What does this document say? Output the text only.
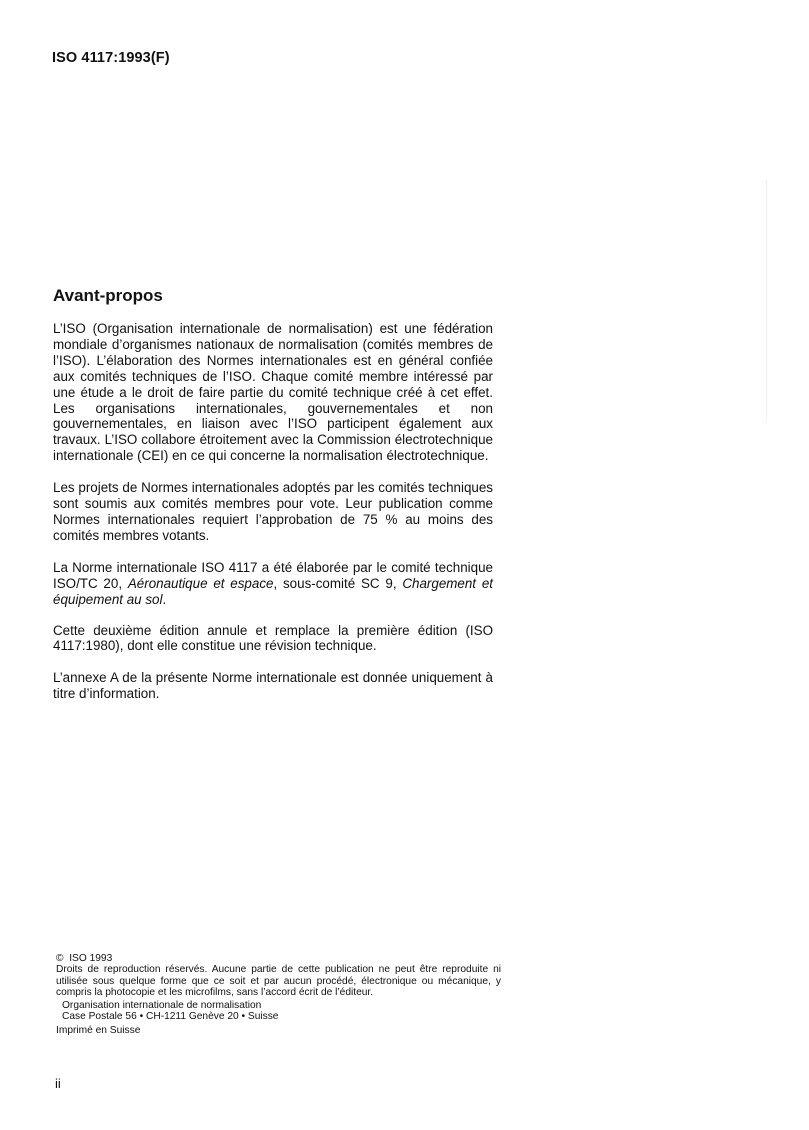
ISO 4117:1993(F)
Avant-propos

L’ISO (Organisation internationale de normalisation) est une fédération mondiale d’organismes nationaux de normalisation (comités membres de l’ISO). L’élaboration des Normes internationales est en général confiée aux comités techniques de l’ISO. Chaque comité membre intéressé par une étude a le droit de faire partie du comité technique créé à cet effet. Les organisations internationales, gouvernementales et non gouvernementales, en liaison avec l’ISO participent également aux travaux. L’ISO collabore étroitement avec la Commission électrotechnique internationale (CEI) en ce qui concerne la normalisation électrotechnique.

Les projets de Normes internationales adoptés par les comités techniques sont soumis aux comités membres pour vote. Leur publication comme Normes internationales requiert l’approbation de 75 % au moins des comités membres votants.

La Norme internationale ISO 4117 a été élaborée par le comité technique ISO/TC 20, Aéronautique et espace, sous-comité SC 9, Chargement et équipement au sol.

Cette deuxième édition annule et remplace la première édition (ISO 4117:1980), dont elle constitue une révision technique.

L’annexe A de la présente Norme internationale est donnée uniquement à titre d’information.

© ISO 1993
Droits de reproduction réservés. Aucune partie de cette publication ne peut être reproduite ni utilisée sous quelque forme que ce soit et par aucun procédé, électronique ou mécanique, y compris la photocopie et les microfilms, sans l’accord écrit de l’éditeur.
Organisation internationale de normalisation
Case Postale 56 • CH-1211 Genève 20 • Suisse
Imprimé en Suisse
ii
